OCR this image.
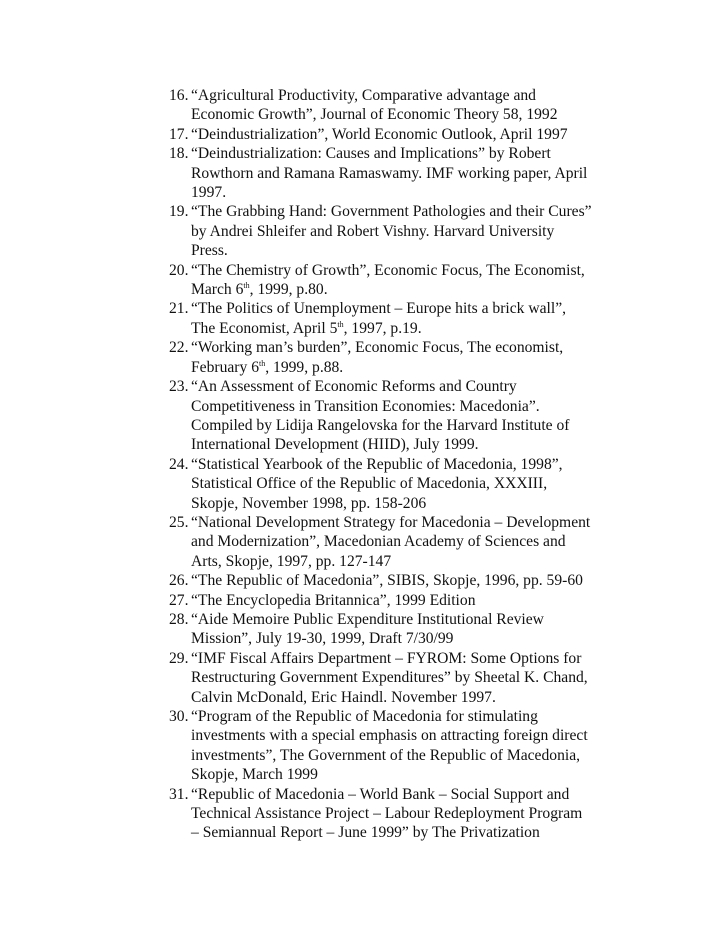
16. “Agricultural Productivity, Comparative advantage and
Economic Growth”, Journal of Economic Theory 58, 1992
17. “Deindustrialization”, World Economic Outlook, April 1997
18. “Deindustrialization: Causes and Implications” by Robert
Rowthorn and Ramana Ramaswamy. IMF working paper, April
1997.
19. “The Grabbing Hand: Government Pathologies and their Cures”
by Andrei Shleifer and Robert Vishny. Harvard University
Press.
20. “The Chemistry of Growth”, Economic Focus, The Economist,
March 6th, 1999, p.80.
21. “The Politics of Unemployment – Europe hits a brick wall”,
The Economist, April 5th, 1997, p.19.
22. “Working man’s burden”, Economic Focus, The economist,
February 6th, 1999, p.88.
23. “An Assessment of Economic Reforms and Country
Competitiveness in Transition Economies: Macedonia”.
Compiled by Lidija Rangelovska for the Harvard Institute of
International Development (HIID), July 1999.
24. “Statistical Yearbook of the Republic of Macedonia, 1998”,
Statistical Office of the Republic of Macedonia, XXXIII,
Skopje, November 1998, pp. 158-206
25. “National Development Strategy for Macedonia – Development
and Modernization”, Macedonian Academy of Sciences and
Arts, Skopje, 1997, pp. 127-147
26. “The Republic of Macedonia”, SIBIS, Skopje, 1996, pp. 59-60
27. “The Encyclopedia Britannica”, 1999 Edition
28. “Aide Memoire Public Expenditure Institutional Review
Mission”, July 19-30, 1999, Draft 7/30/99
29. “IMF Fiscal Affairs Department – FYROM: Some Options for
Restructuring Government Expenditures” by Sheetal K. Chand,
Calvin McDonald, Eric Haindl. November 1997.
30. “Program of the Republic of Macedonia for stimulating
investments with a special emphasis on attracting foreign direct
investments”, The Government of the Republic of Macedonia,
Skopje, March 1999
31. “Republic of Macedonia – World Bank – Social Support and
Technical Assistance Project – Labour Redeployment Program
– Semiannual Report – June 1999” by The Privatization
